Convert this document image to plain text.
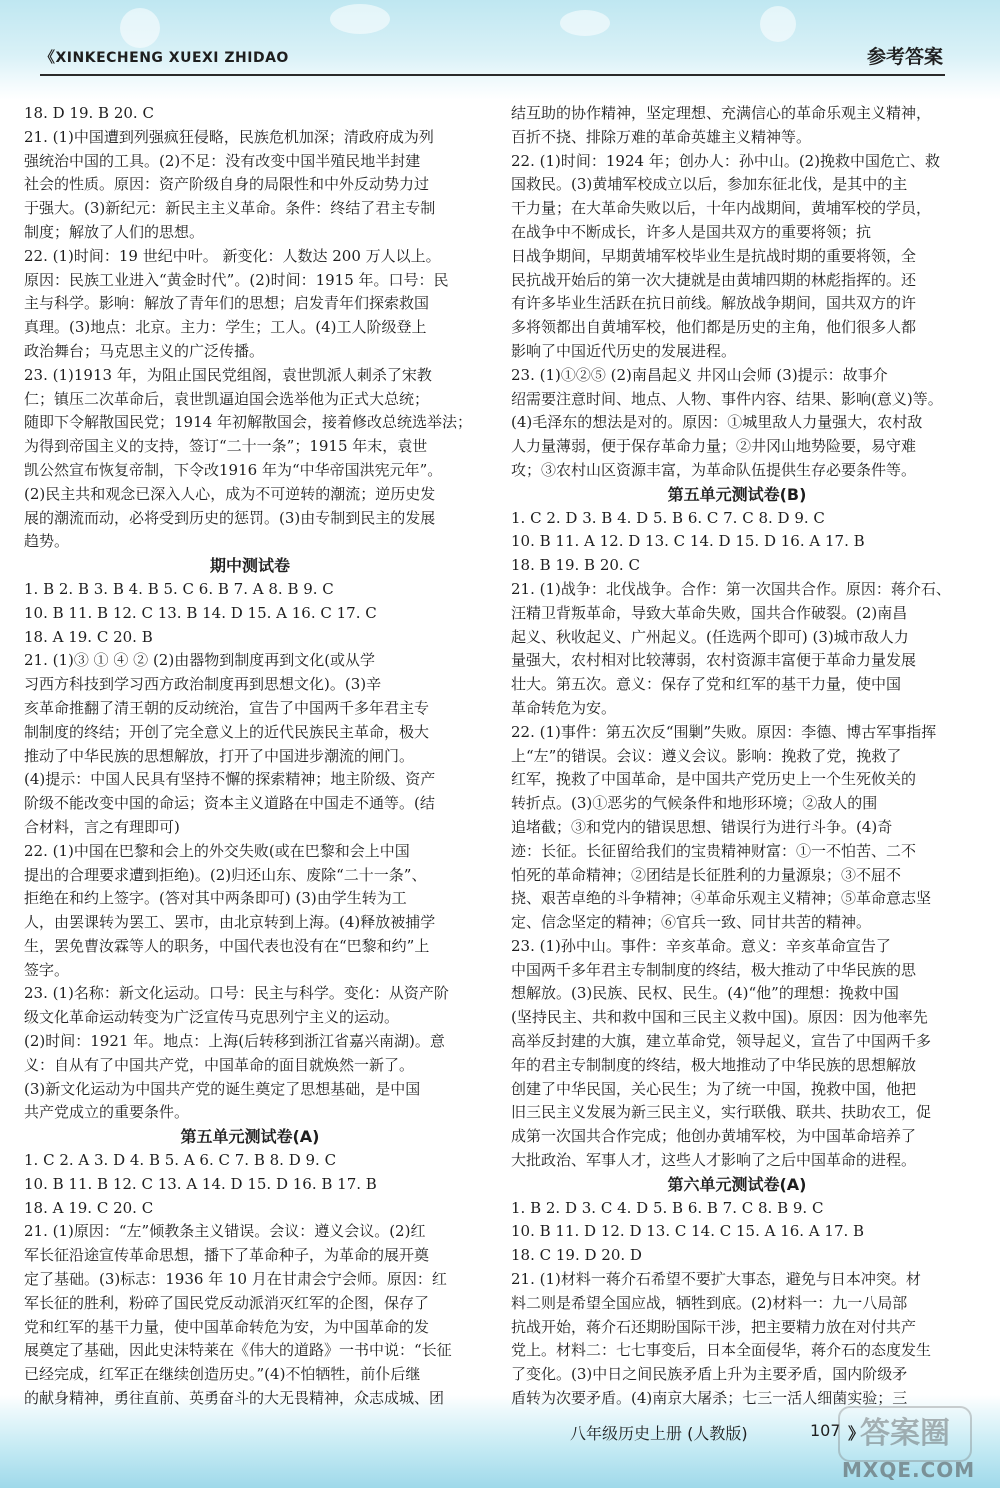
《XINKECHENG XUEXI ZHIDAO	参考答案
18. D 19. B 20. C
21. (1)中国遭到列强疯狂侵略，民族危机加深；清政府成为列
强统治中国的工具。(2)不足：没有改变中国半殖民地半封建
社会的性质。原因：资产阶级自身的局限性和中外反动势力过
于强大。(3)新纪元：新民主主义革命。条件：终结了君主专制
制度；解放了人们的思想。
22. (1)时间：19 世纪中叶。 新变化：人数达 200 万人以上。
原因：民族工业进入“黄金时代”。(2)时间：1915 年。口号：民
主与科学。影响：解放了青年们的思想；启发青年们探索救国
真理。(3)地点：北京。主力：学生；工人。(4)工人阶级登上
政治舞台；马克思主义的广泛传播。
23. (1)1913 年，为阻止国民党组阁，袁世凯派人刺杀了宋教
仁；镇压二次革命后，袁世凯逼迫国会选举他为正式大总统；
随即下令解散国民党；1914 年初解散国会，接着修改总统选举法；
为得到帝国主义的支持，签订“二十一条”；1915 年末，袁世
凯公然宣布恢复帝制，下令改1916 年为“中华帝国洪宪元年”。
(2)民主共和观念已深入人心，成为不可逆转的潮流；逆历史发
展的潮流而动，必将受到历史的惩罚。(3)由专制到民主的发展
趋势。
期中测试卷
1. B 2. B 3. B 4. B 5. C 6. B 7. A 8. B 9. C
10. B 11. B 12. C 13. B 14. D 15. A 16. C 17. C
18. A 19. C 20. B
21. (1)③ ① ④ ② (2)由器物到制度再到文化(或从学
习西方科技到学习西方政治制度再到思想文化)。(3)辛
亥革命推翻了清王朝的反动统治，宣告了中国两千多年君主专
制制度的终结；开创了完全意义上的近代民族民主革命，极大
推动了中华民族的思想解放，打开了中国进步潮流的闸门。
(4)提示：中国人民具有坚持不懈的探索精神；地主阶级、资产
阶级不能改变中国的命运；资本主义道路在中国走不通等。(结
合材料，言之有理即可)
22. (1)中国在巴黎和会上的外交失败(或在巴黎和会上中国
提出的合理要求遭到拒绝)。(2)归还山东、废除“二十一条”、
拒绝在和约上签字。(答对其中两条即可) (3)由学生转为工
人，由罢课转为罢工、罢市，由北京转到上海。(4)释放被捕学
生，罢免曹汝霖等人的职务，中国代表也没有在“巴黎和约”上
签字。
23. (1)名称：新文化运动。口号：民主与科学。变化：从资产阶
级文化革命运动转变为广泛宣传马克思列宁主义的运动。
(2)时间：1921 年。地点：上海(后转移到浙江省嘉兴南湖)。意
义：自从有了中国共产党，中国革命的面目就焕然一新了。
(3)新文化运动为中国共产党的诞生奠定了思想基础，是中国
共产党成立的重要条件。
第五单元测试卷(A)
1. C 2. A 3. D 4. B 5. A 6. C 7. B 8. D 9. C
10. B 11. B 12. C 13. A 14. D 15. D 16. B 17. B
18. A 19. C 20. C
21. (1)原因：“左”倾教条主义错误。会议：遵义会议。(2)红
军长征沿途宣传革命思想，播下了革命种子，为革命的展开奠
定了基础。(3)标志：1936 年 10 月在甘肃会宁会师。原因：红
军长征的胜利，粉碎了国民党反动派消灭红军的企图，保存了
党和红军的基干力量，使中国革命转危为安，为中国革命的发
展奠定了基础，因此史沫特莱在《伟大的道路》一书中说：“长征
已经完成，红军正在继续创造历史。”(4)不怕牺牲，前仆后继
的献身精神，勇往直前、英勇奋斗的大无畏精神，众志成城、团
结互助的协作精神，坚定理想、充满信心的革命乐观主义精神，
百折不挠、排除万难的革命英雄主义精神等。
22. (1)时间：1924 年；创办人：孙中山。(2)挽救中国危亡、救
国救民。(3)黄埔军校成立以后，参加东征北伐，是其中的主
干力量；在大革命失败以后，十年内战期间，黄埔军校的学员，
在战争中不断成长，许多人是国共双方的重要将领；抗
日战争期间，早期黄埔军校毕业生是抗战时期的重要将领，全
民抗战开始后的第一次大捷就是由黄埔四期的林彪指挥的。还
有许多毕业生活跃在抗日前线。解放战争期间，国共双方的许
多将领都出自黄埔军校，他们都是历史的主角，他们很多人都
影响了中国近代历史的发展进程。
23. (1)①②⑤ (2)南昌起义 井冈山会师 (3)提示：故事介
绍需要注意时间、地点、人物、事件内容、结果、影响(意义)等。
(4)毛泽东的想法是对的。原因：①城里敌人力量强大，农村敌
人力量薄弱，便于保存革命力量；②井冈山地势险要，易守难
攻；③农村山区资源丰富，为革命队伍提供生存必要条件等。
第五单元测试卷(B)
1. C 2. D 3. B 4. D 5. B 6. C 7. C 8. D 9. C
10. B 11. A 12. D 13. C 14. D 15. D 16. A 17. B
18. B 19. B 20. C
21. (1)战争：北伐战争。合作：第一次国共合作。原因：蒋介石、
汪精卫背叛革命，导致大革命失败，国共合作破裂。(2)南昌
起义、秋收起义、广州起义。(任选两个即可) (3)城市敌人力
量强大，农村相对比较薄弱，农村资源丰富便于革命力量发展
壮大。第五次。意义：保存了党和红军的基干力量，使中国
革命转危为安。
22. (1)事件：第五次反“围剿”失败。原因：李德、博古军事指挥
上“左”的错误。会议：遵义会议。影响：挽救了党，挽救了
红军，挽救了中国革命，是中国共产党历史上一个生死攸关的
转折点。(3)①恶劣的气候条件和地形环境；②敌人的围
追堵截；③和党内的错误思想、错误行为进行斗争。(4)奇
迹：长征。长征留给我们的宝贵精神财富：①一不怕苦、二不
怕死的革命精神；②团结是长征胜利的力量源泉；③不屈不
挠、艰苦卓绝的斗争精神；④革命乐观主义精神；⑤革命意志坚
定、信念坚定的精神；⑥官兵一致、同甘共苦的精神。
23. (1)孙中山。事件：辛亥革命。意义：辛亥革命宣告了
中国两千多年君主专制制度的终结，极大推动了中华民族的思
想解放。(3)民族、民权、民生。(4)“他”的理想：挽救中国
(坚持民主、共和救中国和三民主义救中国)。原因：因为他率先
高举反封建的大旗，建立革命党，领导起义，宣告了中国两千多
年的君主专制制度的终结，极大地推动了中华民族的思想解放
创建了中华民国，关心民生；为了统一中国，挽救中国，他把
旧三民主义发展为新三民主义，实行联俄、联共、扶助农工，促
成第一次国共合作完成；他创办黄埔军校，为中国革命培养了
大批政治、军事人才，这些人才影响了之后中国革命的进程。
第六单元测试卷(A)
1. B 2. D 3. C 4. D 5. B 6. B 7. C 8. B 9. C
10. B 11. D 12. D 13. C 14. C 15. A 16. A 17. B
18. C 19. D 20. D
21. (1)材料一蒋介石希望不要扩大事态，避免与日本冲突。材
料二则是希望全国应战，牺牲到底。(2)材料一：九一八局部
抗战开始，蒋介石还期盼国际干涉，把主要精力放在对付共产
党上。材料二：七七事变后，日本全面侵华，蒋介石的态度发生
了变化。(3)中日之间民族矛盾上升为主要矛盾，国内阶级矛
盾转为次要矛盾。(4)南京大屠杀；七三一活人细菌实验；三
八年级历史上册 (人教版)	107 》
答案圈
MXQE.COM
